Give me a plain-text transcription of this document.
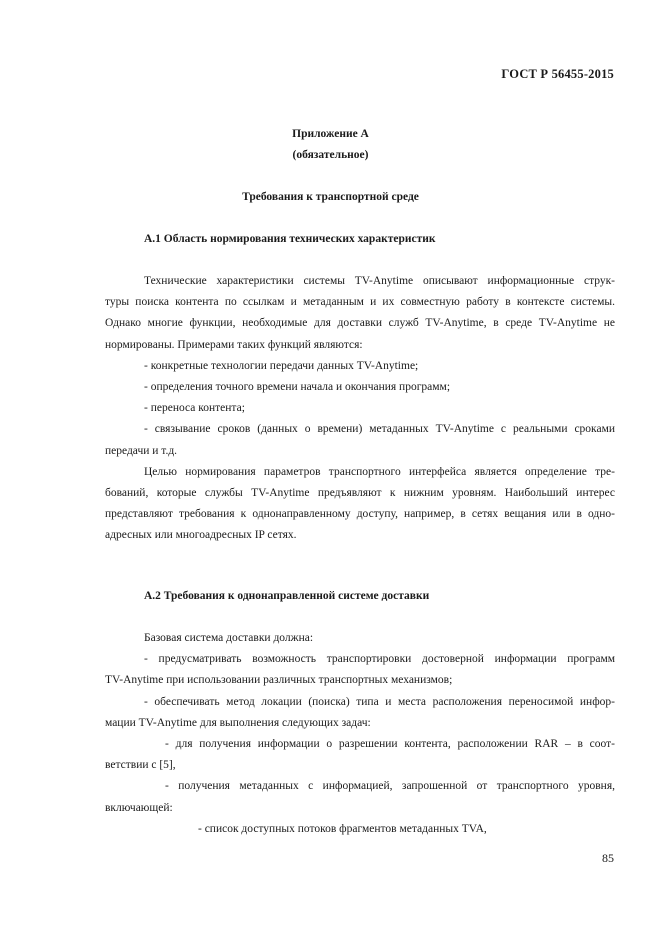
ГОСТ Р 56455-2015
Приложение А
(обязательное)
Требования к транспортной среде
А.1 Область нормирования технических характеристик

Технические характеристики системы TV-Anytime описывают информационные струк-

туры поиска контента по ссылкам и метаданным и их совместную работу в контексте системы.

Однако многие функции, необходимые для доставки служб TV-Anytime, в среде TV-Anytime не

нормированы. Примерами таких функций являются:

- конкретные технологии передачи данных TV-Anytime;

- определения точного времени начала и окончания программ;

- переноса контента;

- связывание сроков (данных о времени) метаданных TV-Anytime с реальными сроками

передачи и т.д.

Целью нормирования параметров транспортного интерфейса является определение тре-

бований, которые службы TV-Anytime предъявляют к нижним уровням. Наибольший интерес

представляют требования к однонаправленному доступу, например, в сетях вещания или в одно-

адресных или многоадресных IP сетях.

А.2 Требования к однонаправленной системе доставки

Базовая система доставки должна:

- предусматривать возможность транспортировки достоверной информации программ

TV-Anytime при использовании различных транспортных механизмов;

- обеспечивать метод локации (поиска) типа и места расположения переносимой инфор-

мации TV-Anytime для выполнения следующих задач:

- для получения информации о разрешении контента, расположении RAR – в соот-

ветствии с [5],

- получения метаданных с информацией, запрошенной от транспортного уровня,

включающей:

- список доступных потоков фрагментов метаданных TVA,

85
